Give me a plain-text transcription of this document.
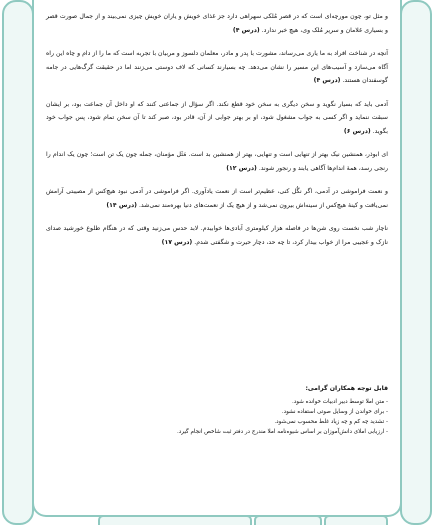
و مثل تو، چون مورچه‌ای است که در قصر مُلکی سهراهی دارد جز غذای خویش و یاران خویش چیزی نمی‌بیند و از جمال صورت قصر و بسیاری غلامان و سریر مُلک وی، هیچ خبر ندارد. (درس ۴)

آنچه در شناخت افراد به ما یاری می‌رساند، مشورت با پدر و مادر، معلمان دلسوز و مربیان با تجربه است که ما را از دام و چاه این راه آگاه می‌سازد و آسیب‌های این مسیر را نشان می‌دهد. چه بسیارند کسانی که لاف دوستی می‌زنند اما در حقیقت گرگ‌هایی در جامه گوسفندان هستند. (درس ۴)

آدمی باید که بسیار نگوید و سخن دیگری به سخن خود قطع نکند. اگر سؤال از جماعتی کنند که او داخل آن جماعت بود، بر ایشان سبقت ننماید و اگر کسی به جواب مشغول شود، او بر بهتر جوابی از آن، قادر بود، صبر کند تا آن سخن تمام شود، پس جواب خود بگوید. (درس ۶)

ای ابوذر، همنشین نیک بهتر از تنهایی است و تنهایی، بهتر از همنشین بد است. مَثَل مؤمنان، جمله چون یک تن است؛ چون یک اندام را رنجی رسد، همهٔ اندام‌ها آگاهی یابند و رنجور شوند. (درس ۱۲)

و نعمت فراموشی در آدمی، اگر نگُل کنی، عظیم‌تر است از نعمت یادآوری. اگر فراموشی در آدمی نبود هیچ‌کس از مصیبتی آرامش نمی‌یافت و کینهٔ هیچ‌کس از سینه‌اش بیرون نمی‌شد و از هیچ یک از نعمت‌های دنیا بهره‌مند نمی‌شد. (درس ۱۴)

ناچار شب نخست روی شن‌ها در فاصله هزار کیلومتری آبادی‌ها خوابیدم. لابد حدس می‌زنید وقتی که در هنگام طلوع خورشید صدای نازک و عجیبی مرا از خواب بیدار کرد، تا چه حد، دچار حیرت و شگفتی شدم. (درس ۱۷)

قابل توجه همکاران گرامی:
- متن املا توسط دبیر ادبیات خوانده شود.
- برای خواندن از وسایل صوتی استفاده نشود.
- تشدید چه کم و چه زیاد غلط محسوب نمی‌شود.
- ارزیابی املای دانش‌آموزان بر اساس شیوه‌نامه املا مندرج در دفتر ثبت شاخص انجام گیرد.
